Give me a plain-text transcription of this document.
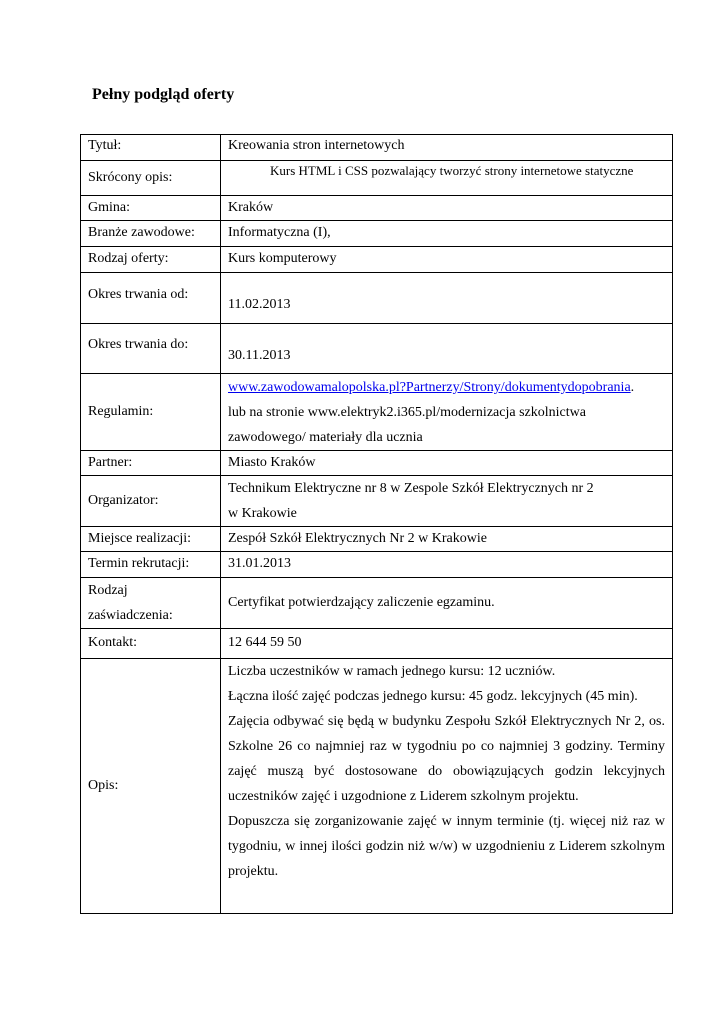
Pełny podgląd oferty
Tytuł:	Kreowania stron internetowych
Skrócony opis:	Kurs HTML i CSS pozwalający tworzyć strony internetowe statyczne

Gmina:	Kraków
Branże zawodowe:	Informatyczna (I),
Rodzaj oferty:	Kurs komputerowy
Okres trwania od:	11.02.2013
Okres trwania do:	30.11.2013
Regulamin:	www.zawodowamalopolska.pl?Partnerzy/Strony/dokumentydopobrania.
lub na stronie www.elektryk2.i365.pl/modernizacja szkolnictwa
zawodowego/ materiały dla ucznia

Partner:	Miasto Kraków
Organizator:	Technikum Elektryczne nr 8 w Zespole Szkół Elektrycznych nr 2
w Krakowie

Miejsce realizacji:	Zespół Szkół Elektrycznych Nr 2 w Krakowie
Termin rekrutacji:	31.01.2013

Rodzaj
zaświadczenia:	Certyfikat potwierdzający zaliczenie egzaminu.
Kontakt:	12 644 59 50
Opis:	Liczba uczestników w ramach jednego kursu: 12 uczniów.
Łączna ilość zajęć podczas jednego kursu: 45 godz. lekcyjnych (45 min).
Zajęcia odbywać się będą w budynku Zespołu Szkół Elektrycznych Nr 2, os. Szkolne 26 co najmniej raz w tygodniu po co najmniej 3 godziny. Terminy zajęć muszą być dostosowane do obowiązujących godzin lekcyjnych uczestników zajęć i uzgodnione z Liderem szkolnym projektu.
Dopuszcza się zorganizowanie zajęć w innym terminie (tj. więcej niż raz w tygodniu, w innej ilości godzin niż w/w) w uzgodnieniu z Liderem szkolnym projektu.
